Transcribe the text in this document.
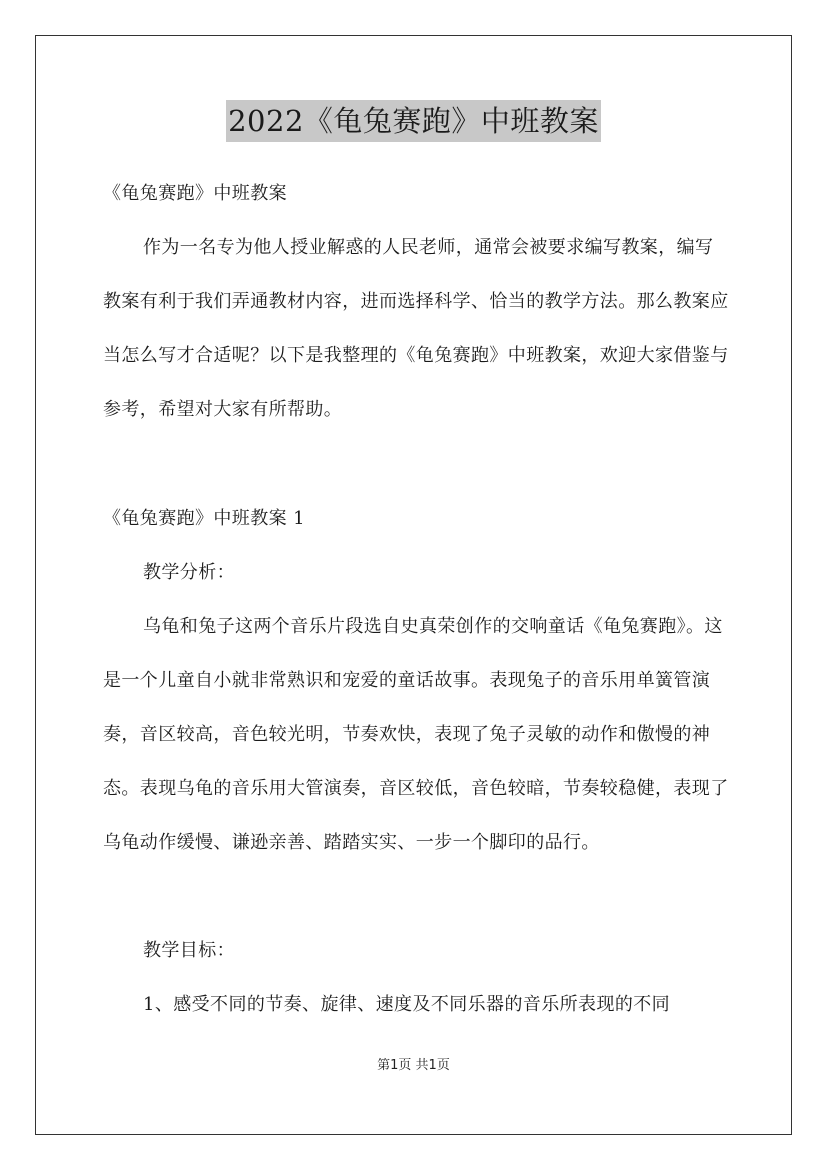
2022《龟兔赛跑》中班教案

《龟兔赛跑》中班教案

作为一名专为他人授业解惑的人民老师，通常会被要求编写教案，编写教案有利于我们弄通教材内容，进而选择科学、恰当的教学方法。那么教案应当怎么写才合适呢？以下是我整理的《龟兔赛跑》中班教案，欢迎大家借鉴与参考，希望对大家有所帮助。

《龟兔赛跑》中班教案 1

教学分析：

乌龟和兔子这两个音乐片段选自史真荣创作的交响童话《龟兔赛跑》。这是一个儿童自小就非常熟识和宠爱的童话故事。表现兔子的音乐用单簧管演奏，音区较高，音色较光明，节奏欢快，表现了兔子灵敏的动作和傲慢的神态。表现乌龟的音乐用大管演奏，音区较低，音色较暗，节奏较稳健，表现了乌龟动作缓慢、谦逊亲善、踏踏实实、一步一个脚印的品行。

教学目标：

1、感受不同的节奏、旋律、速度及不同乐器的音乐所表现的不同

第1页 共1页
